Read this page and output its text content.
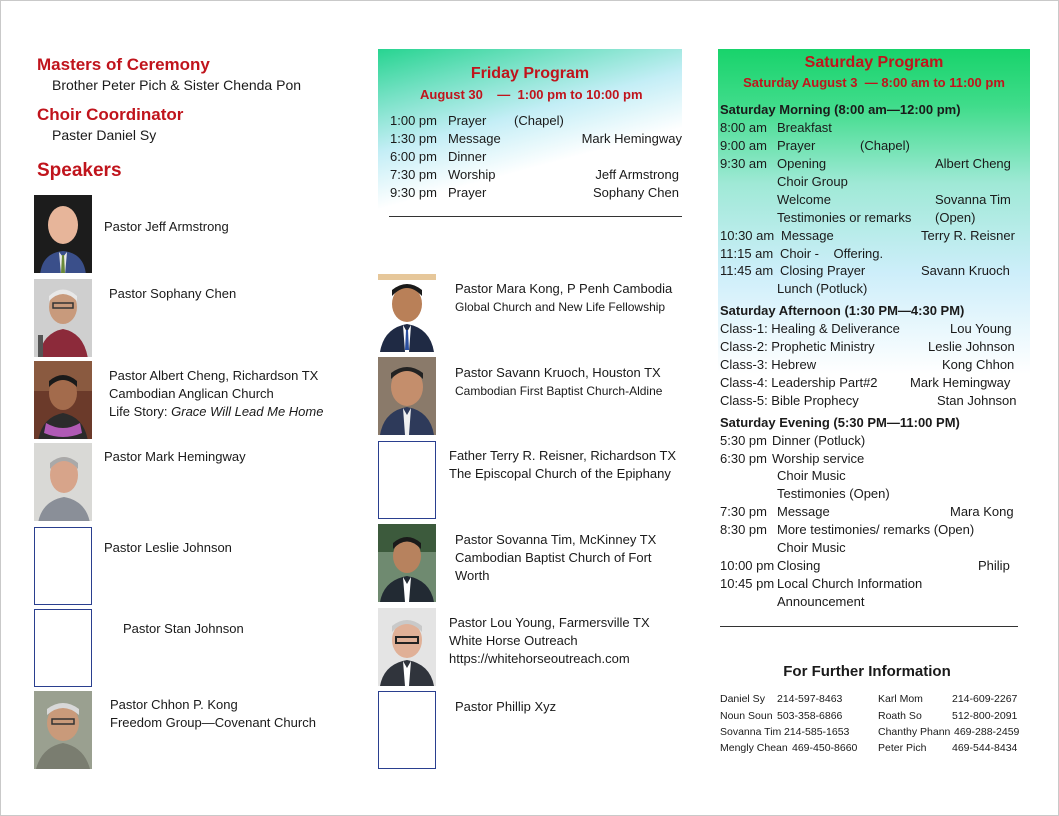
Masters of Ceremony
Brother Peter Pich & Sister Chenda Pon
Choir Coordinator
Paster Daniel Sy
Speakers
Pastor Jeff Armstrong
Pastor Sophany Chen
Pastor Albert Cheng, Richardson TX
Cambodian Anglican Church
Life Story: Grace Will Lead Me Home
Pastor Mark Hemingway
Pastor Leslie Johnson
Pastor Stan Johnson
Pastor Chhon P. Kong
Freedom Group—Covenant Church
Friday Program
August 30    —  1:00 pm to 10:00 pm
1:00 pm Prayer (Chapel)
1:30 pm Message	Mark Hemingway
6:00 pm Dinner
7:30 pm Worship	Jeff Armstrong
9:30 pm Prayer	Sophany Chen
Pastor Mara Kong, P Penh Cambodia
Global Church and New Life Fellowship
Pastor Savann Kruoch, Houston TX
Cambodian First Baptist Church-Aldine
Father Terry R. Reisner, Richardson TX
The Episcopal Church of the Epiphany
Pastor Sovanna Tim, McKinney TX
Cambodian Baptist Church of Fort
Worth
Pastor Lou Young, Farmersville TX
White Horse Outreach
https://whitehorseoutreach.com
Pastor Phillip Xyz
Saturday Program
Saturday August 3  — 8:00 am to 11:00 pm
Saturday Morning (8:00 am—12:00 pm)
8:00 am Breakfast
9:00 am Prayer	(Chapel)
9:30 am Opening	Albert Cheng
Choir Group
Welcome	Sovanna Tim
Testimonies or remarks (Open)
10:30 am Message	Terry R. Reisner
11:15 am Choir -    Offering.
11:45 am Closing Prayer	Savann Kruoch
Lunch (Potluck)
Saturday Afternoon (1:30 PM—4:30 PM)
Class-1: Healing & Deliverance	Lou Young
Class-2: Prophetic Ministry	Leslie Johnson
Class-3: Hebrew	Kong Chhon
Class-4: Leadership Part#2 Mark Hemingway
Class-5: Bible Prophecy	Stan Johnson
Saturday Evening (5:30 PM—11:00 PM)
5:30 pm Dinner (Potluck)
6:30 pm Worship service
Choir Music
Testimonies (Open)
7:30 pm Message	Mara Kong
8:30 pm More testimonies/ remarks (Open)
Choir Music
10:00 pm Closing	Philip
10:45 pm Local Church Information
Announcement
For Further Information
Daniel Sy 214-597-8463	Karl Mom	214-609-2267
Noun Soun 503-358-6866	Roath So	512-800-2091
Sovanna Tim 214-585-1653	Chanthy Phann 469-288-2459
Mengly Chean 469-450-8660 Peter Pich 469-544-8434
